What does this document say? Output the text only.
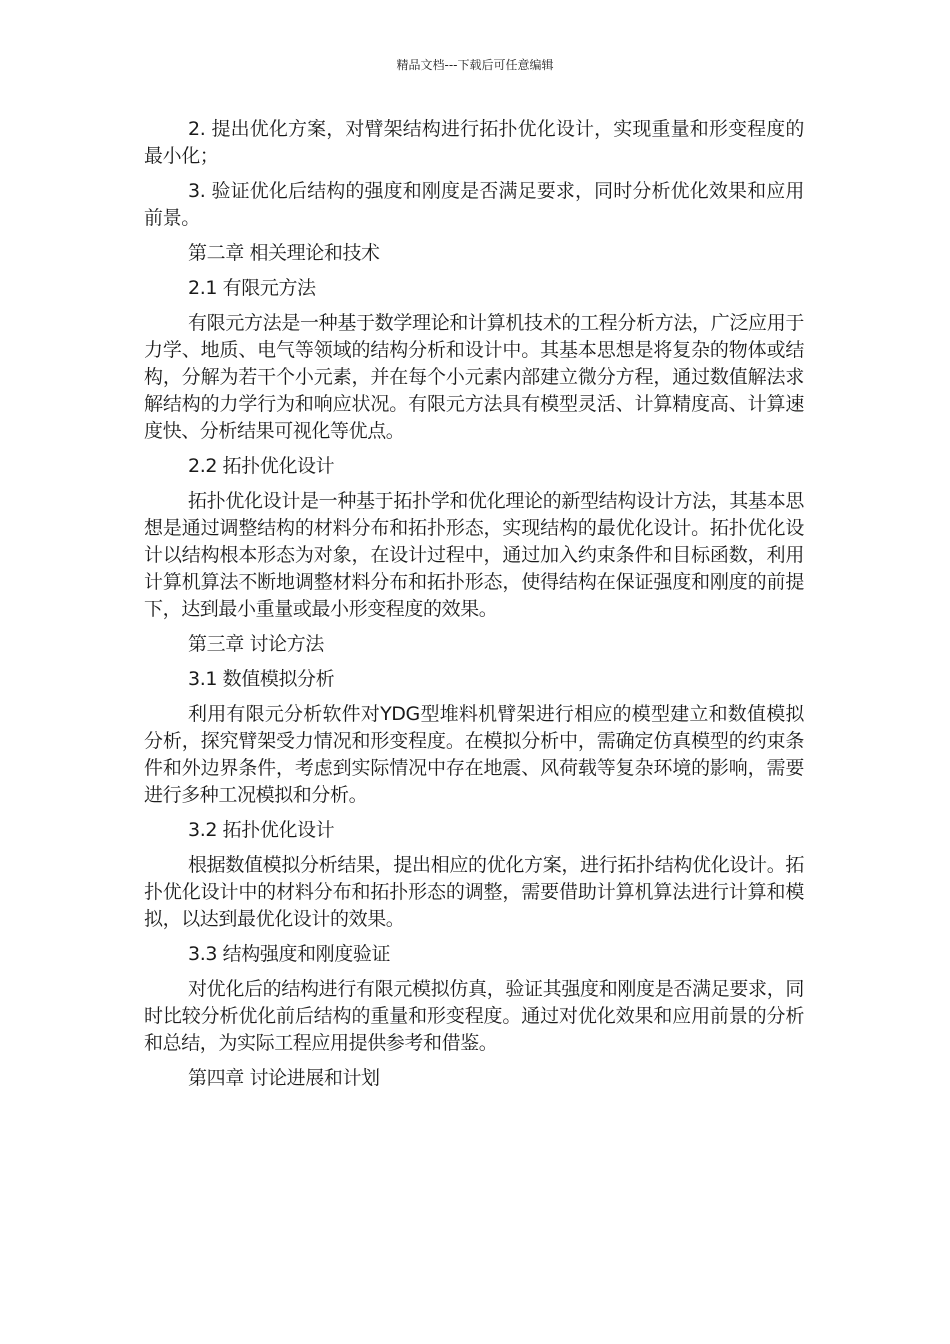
精品文档---下载后可任意编辑

2. 提出优化方案，对臂架结构进行拓扑优化设计，实现重量和形变程度的最小化；

3. 验证优化后结构的强度和刚度是否满足要求，同时分析优化效果和应用前景。

第二章 相关理论和技术

2.1 有限元方法

有限元方法是一种基于数学理论和计算机技术的工程分析方法，广泛应用于力学、地质、电气等领域的结构分析和设计中。其基本思想是将复杂的物体或结构，分解为若干个小元素，并在每个小元素内部建立微分方程，通过数值解法求解结构的力学行为和响应状况。有限元方法具有模型灵活、计算精度高、计算速度快、分析结果可视化等优点。

2.2 拓扑优化设计

拓扑优化设计是一种基于拓扑学和优化理论的新型结构设计方法，其基本思想是通过调整结构的材料分布和拓扑形态，实现结构的最优化设计。拓扑优化设计以结构根本形态为对象，在设计过程中，通过加入约束条件和目标函数，利用计算机算法不断地调整材料分布和拓扑形态，使得结构在保证强度和刚度的前提下，达到最小重量或最小形变程度的效果。

第三章 讨论方法

3.1 数值模拟分析

利用有限元分析软件对YDG型堆料机臂架进行相应的模型建立和数值模拟分析，探究臂架受力情况和形变程度。在模拟分析中，需确定仿真模型的约束条件和外边界条件，考虑到实际情况中存在地震、风荷载等复杂环境的影响，需要进行多种工况模拟和分析。

3.2 拓扑优化设计

根据数值模拟分析结果，提出相应的优化方案，进行拓扑结构优化设计。拓扑优化设计中的材料分布和拓扑形态的调整，需要借助计算机算法进行计算和模拟，以达到最优化设计的效果。

3.3 结构强度和刚度验证

对优化后的结构进行有限元模拟仿真，验证其强度和刚度是否满足要求，同时比较分析优化前后结构的重量和形变程度。通过对优化效果和应用前景的分析和总结，为实际工程应用提供参考和借鉴。

第四章 讨论进展和计划
